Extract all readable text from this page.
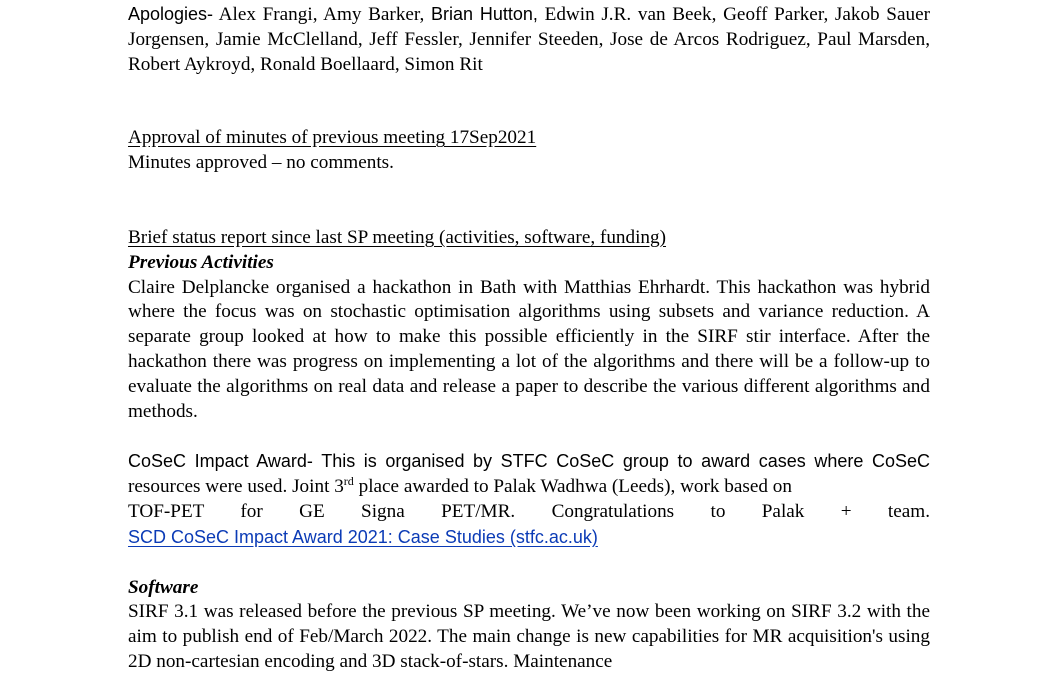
Apologies- Alex Frangi, Amy Barker, Brian Hutton, Edwin J.R. van Beek, Geoff Parker, Jakob Sauer Jorgensen, Jamie McClelland, Jeff Fessler, Jennifer Steeden, Jose de Arcos Rodriguez, Paul Marsden, Robert Aykroyd, Ronald Boellaard, Simon Rit

Approval of minutes of previous meeting 17Sep2021

Minutes approved – no comments.

Brief status report since last SP meeting (activities, software, funding)

Previous Activities

Claire Delplancke organised a hackathon in Bath with Matthias Ehrhardt. This hackathon was hybrid where the focus was on stochastic optimisation algorithms using subsets and variance reduction. A separate group looked at how to make this possible efficiently in the SIRF stir interface. After the hackathon there was progress on implementing a lot of the algorithms and there will be a follow-up to evaluate the algorithms on real data and release a paper to describe the various different algorithms and methods.

CoSeC Impact Award- This is organised by STFC CoSeC group to award cases where CoSeC resources were used. Joint 3rd place awarded to Palak Wadhwa (Leeds), work based on

TOF-PET for GE Signa PET/MR. Congratulations to Palak + team.

SCD CoSeC Impact Award 2021: Case Studies (stfc.ac.uk)

Software

SIRF 3.1 was released before the previous SP meeting. We’ve now been working on SIRF 3.2 with the aim to publish end of Feb/March 2022. The main change is new capabilities for MR acquisition's using 2D non-cartesian encoding and 3D stack-of-stars. Maintenance
